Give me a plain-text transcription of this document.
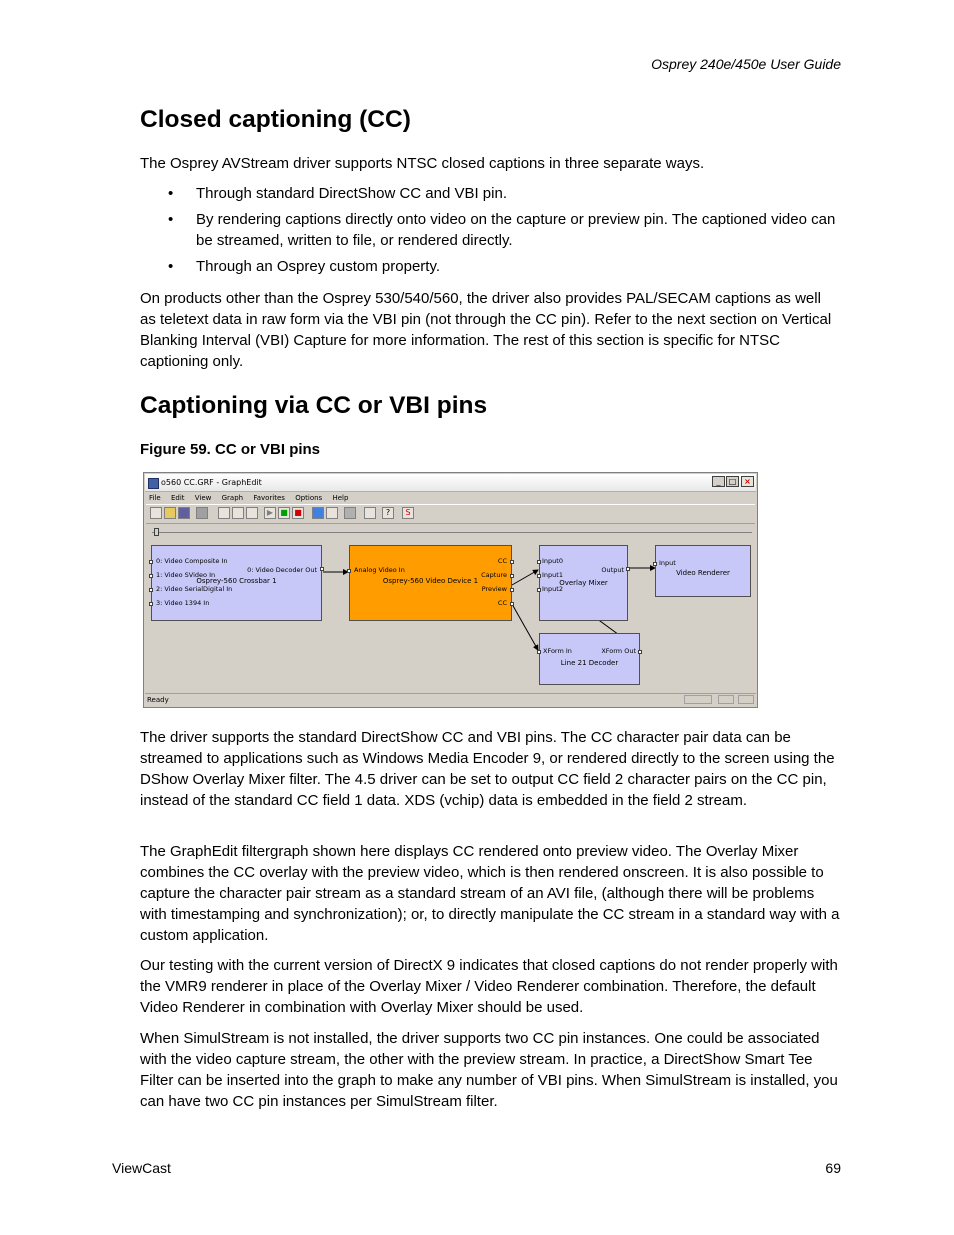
Osprey 240e/450e User Guide
Closed captioning (CC)

The Osprey AVStream driver supports NTSC closed captions in three separate ways.

•	Through standard DirectShow CC and VBI pin.
•	By rendering captions directly onto video on the capture or preview pin. The captioned video can be streamed, written to file, or rendered directly.
•	Through an Osprey custom property.

On products other than the Osprey 530/540/560, the driver also provides PAL/SECAM captions as well as teletext data in raw form via the VBI pin (not through the CC pin). Refer to the next section on Vertical Blanking Interval (VBI) Capture for more information. The rest of this section is specific for NTSC captioning only.

Captioning via CC or VBI pins
Figure 59. CC or VBI pins
o560 CC.GRF - GraphEdit	_	□ ×
File Edit View Graph Favorites Options Help
▶ ■ ■	?	S
0: Video Composite In
1: Video SVideo In
2: Video SerialDigital In
3: Video 1394 In
0: Video Decoder Out
Osprey-560 Crossbar 1
Analog Video In
CC
Capture
Preview
CC
Osprey-560 Video Device 1
Input0
Input1
Input2
Output
Overlay Mixer
Input
Video Renderer
XForm In	XForm Out
Line 21 Decoder
Ready

The driver supports the standard DirectShow CC and VBI pins. The CC character pair data can be streamed to applications such as Windows Media Encoder 9, or rendered directly to the screen using the DShow Overlay Mixer filter. The 4.5 driver can be set to output CC field 2 character pairs on the CC pin, instead of the standard CC field 1 data. XDS (vchip) data is embedded in the field 2 stream.

The GraphEdit filtergraph shown here displays CC rendered onto preview video. The Overlay Mixer combines the CC overlay with the preview video, which is then rendered onscreen. It is also possible to capture the character pair stream as a standard stream of an AVI file, (although there will be problems with timestamping and synchronization); or, to directly manipulate the CC stream in a standard way with a custom application.

Our testing with the current version of DirectX 9 indicates that closed captions do not render properly with the VMR9 renderer in place of the Overlay Mixer / Video Renderer combination. Therefore, the default Video Renderer in combination with Overlay Mixer should be used.

When SimulStream is not installed, the driver supports two CC pin instances. One could be associated with the video capture stream, the other with the preview stream. In practice, a DirectShow Smart Tee Filter can be inserted into the graph to make any number of VBI pins. When SimulStream is installed, you can have two CC pin instances per SimulStream filter.

ViewCast	69
